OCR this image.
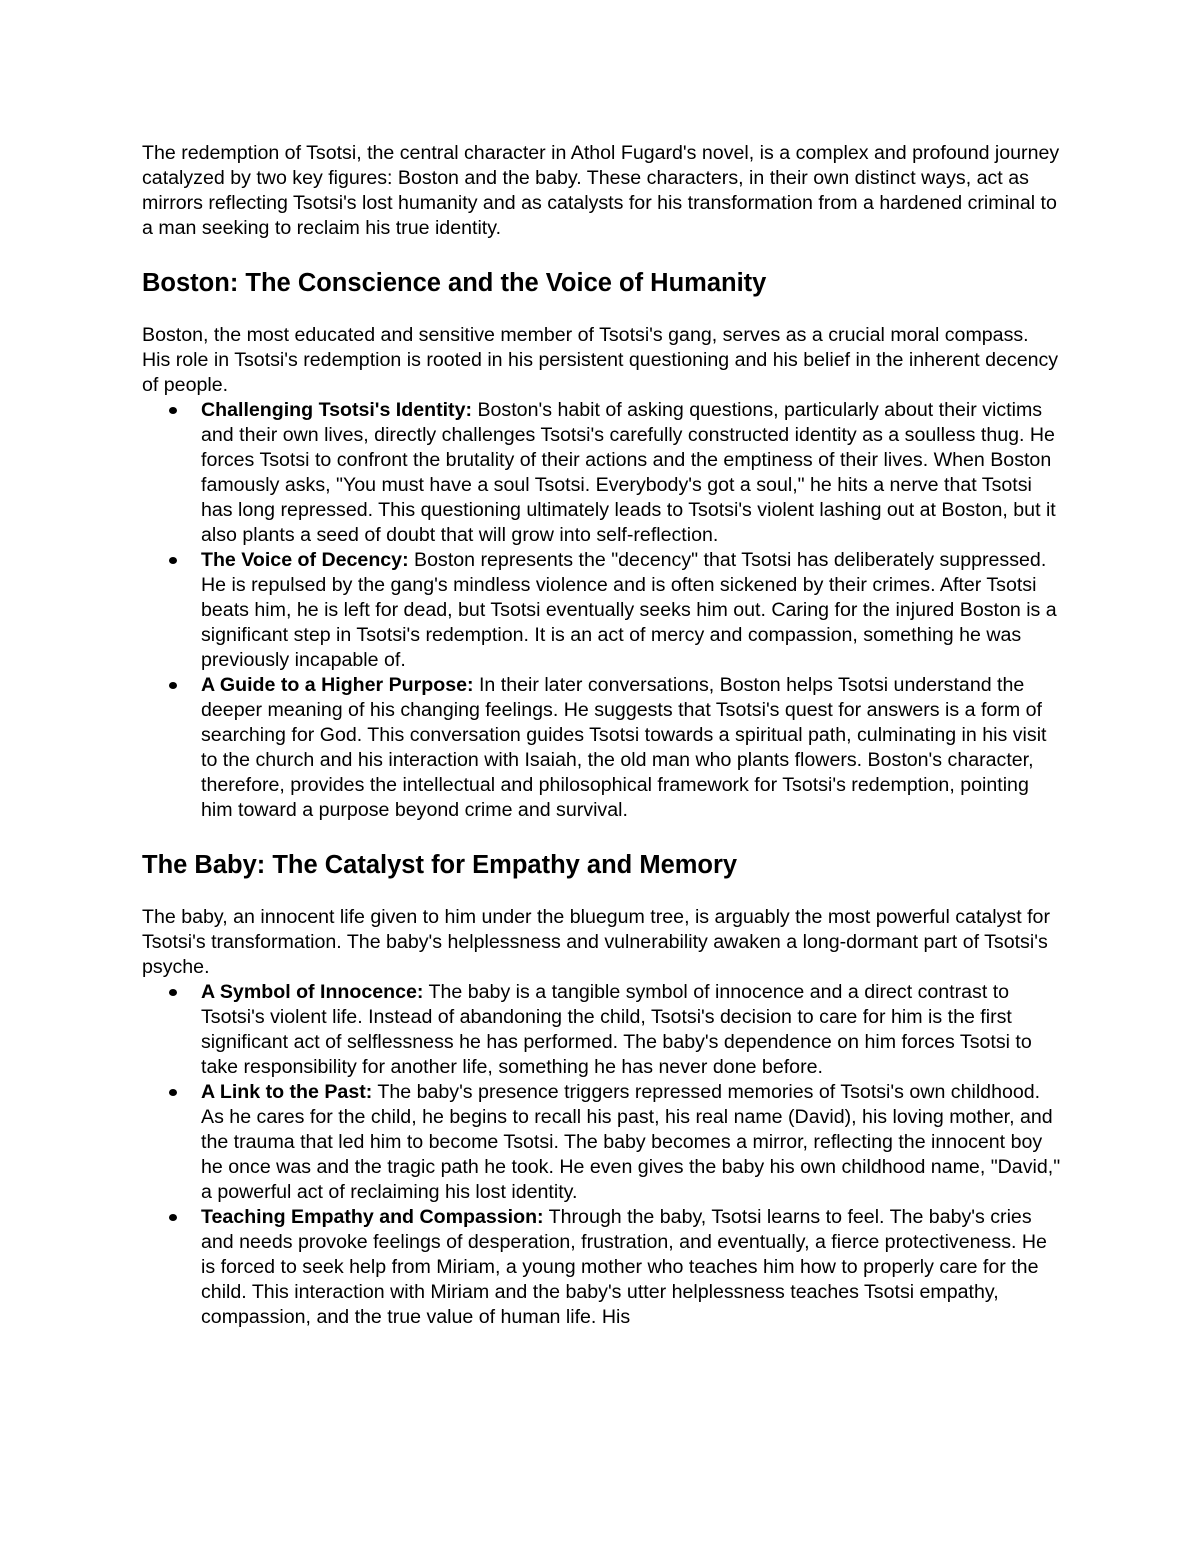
The redemption of Tsotsi, the central character in Athol Fugard's novel, is a complex and profound journey catalyzed by two key figures: Boston and the baby. These characters, in their own distinct ways, act as mirrors reflecting Tsotsi's lost humanity and as catalysts for his transformation from a hardened criminal to a man seeking to reclaim his true identity.

Boston: The Conscience and the Voice of Humanity

Boston, the most educated and sensitive member of Tsotsi's gang, serves as a crucial moral compass. His role in Tsotsi's redemption is rooted in his persistent questioning and his belief in the inherent decency of people.

Challenging Tsotsi's Identity: Boston's habit of asking questions, particularly about their victims and their own lives, directly challenges Tsotsi's carefully constructed identity as a soulless thug. He forces Tsotsi to confront the brutality of their actions and the emptiness of their lives. When Boston famously asks, "You must have a soul Tsotsi. Everybody's got a soul," he hits a nerve that Tsotsi has long repressed. This questioning ultimately leads to Tsotsi's violent lashing out at Boston, but it also plants a seed of doubt that will grow into self-reflection.
The Voice of Decency: Boston represents the "decency" that Tsotsi has deliberately suppressed. He is repulsed by the gang's mindless violence and is often sickened by their crimes. After Tsotsi beats him, he is left for dead, but Tsotsi eventually seeks him out. Caring for the injured Boston is a significant step in Tsotsi's redemption. It is an act of mercy and compassion, something he was previously incapable of.
A Guide to a Higher Purpose: In their later conversations, Boston helps Tsotsi understand the deeper meaning of his changing feelings. He suggests that Tsotsi's quest for answers is a form of searching for God. This conversation guides Tsotsi towards a spiritual path, culminating in his visit to the church and his interaction with Isaiah, the old man who plants flowers. Boston's character, therefore, provides the intellectual and philosophical framework for Tsotsi's redemption, pointing him toward a purpose beyond crime and survival.
The Baby: The Catalyst for Empathy and Memory

The baby, an innocent life given to him under the bluegum tree, is arguably the most powerful catalyst for Tsotsi's transformation. The baby's helplessness and vulnerability awaken a long-dormant part of Tsotsi's psyche.

A Symbol of Innocence: The baby is a tangible symbol of innocence and a direct contrast to Tsotsi's violent life. Instead of abandoning the child, Tsotsi's decision to care for him is the first significant act of selflessness he has performed. The baby's dependence on him forces Tsotsi to take responsibility for another life, something he has never done before.
A Link to the Past: The baby's presence triggers repressed memories of Tsotsi's own childhood. As he cares for the child, he begins to recall his past, his real name (David), his loving mother, and the trauma that led him to become Tsotsi. The baby becomes a mirror, reflecting the innocent boy he once was and the tragic path he took. He even gives the baby his own childhood name, "David," a powerful act of reclaiming his lost identity.
Teaching Empathy and Compassion: Through the baby, Tsotsi learns to feel. The baby's cries and needs provoke feelings of desperation, frustration, and eventually, a fierce protectiveness. He is forced to seek help from Miriam, a young mother who teaches him how to properly care for the child. This interaction with Miriam and the baby's utter helplessness teaches Tsotsi empathy, compassion, and the true value of human life. His
